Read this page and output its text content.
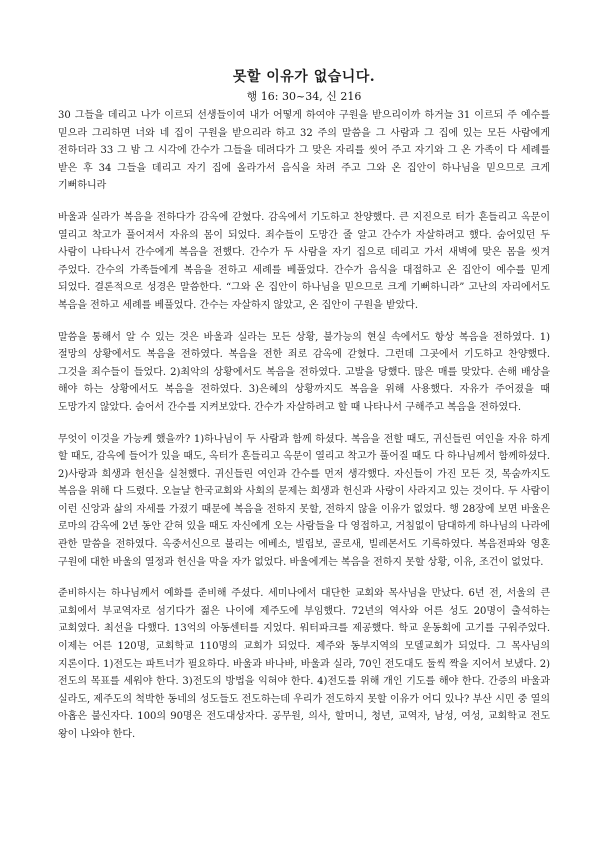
못할 이유가 없습니다.
행 16: 30~34, 신 216

30 그들을 데리고 나가 이르되 선생들이여 내가 어떻게 하여야 구원을 받으리이까 하거늘 31 이르되 주 예수를 믿으라 그리하면 너와 네 집이 구원을 받으리라 하고 32 주의 말씀을 그 사람과 그 집에 있는 모든 사람에게 전하더라 33 그 밤 그 시각에 간수가 그들을 데려다가 그 맞은 자리를 씻어 주고 자기와 그 온 가족이 다 세례를 받은 후 34 그들을 데리고 자기 집에 올라가서 음식을 차려 주고 그와 온 집안이 하나님을 믿으므로 크게 기뻐하니라

바울과 실라가 복음을 전하다가 감옥에 갇혔다. 감옥에서 기도하고 찬양했다. 큰 지진으로 터가 흔들리고 옥문이 열리고 착고가 풀어져서 자유의 몸이 되었다. 죄수들이 도망간 줄 알고 간수가 자살하려고 했다. 숨어있던 두 사람이 나타나서 간수에게 복음을 전했다. 간수가 두 사람을 자기 집으로 데리고 가서 새벽에 맞은 몸을 씻겨 주었다. 간수의 가족들에게 복음을 전하고 세례를 베풀었다. 간수가 음식을 대접하고 온 집안이 예수를 믿게 되었다. 결론적으로 성경은 말씀한다. “그와 온 집안이 하나님을 믿으므로 크게 기뻐하니라” 고난의 자리에서도 복음을 전하고 세례를 베풀었다. 간수는 자살하지 않았고, 온 집안이 구원을 받았다.

말씀을 통해서 알 수 있는 것은 바울과 실라는 모든 상황, 불가능의 현실 속에서도 항상 복음을 전하였다. 1)절망의 상황에서도 복음을 전하였다. 복음을 전한 죄로 감옥에 갇혔다. 그런데 그곳에서 기도하고 찬양했다. 그것을 죄수들이 들었다. 2)최악의 상황에서도 복음을 전하였다. 고발을 당했다. 많은 매를 맞았다. 손해 배상을 해야 하는 상황에서도 복음을 전하였다. 3)은혜의 상황까지도 복음을 위해 사용했다. 자유가 주어졌을 때 도망가지 않았다. 숨어서 간수를 지켜보았다. 간수가 자살하려고 할 때 나타나서 구해주고 복음을 전하였다.

무엇이 이것을 가능케 했을까? 1)하나님이 두 사람과 함께 하셨다. 복음을 전할 때도, 귀신들린 여인을 자유 하게 할 때도, 감옥에 들어가 있을 때도, 옥터가 흔들리고 옥문이 열리고 착고가 풀어질 때도 다 하나님께서 함께하셨다. 2)사랑과 희생과 헌신을 실천했다. 귀신들린 여인과 간수를 먼저 생각했다. 자신들이 가진 모든 것, 목숨까지도 복음을 위해 다 드렸다. 오늘날 한국교회와 사회의 문제는 희생과 헌신과 사랑이 사라지고 있는 것이다. 두 사람이 이런 신앙과 삶의 자세를 가졌기 때문에 복음을 전하지 못할, 전하지 않을 이유가 없었다. 행 28장에 보면 바울은 로마의 감옥에 2년 동안 갇혀 있을 때도 자신에게 오는 사람들을 다 영접하고, 거침없이 담대하게 하나님의 나라에 관한 말씀을 전하였다. 옥중서신으로 불리는 에베소, 빌립보, 골로새, 빌레몬서도 기록하였다. 복음전파와 영혼 구원에 대한 바울의 열정과 헌신을 막을 자가 없었다. 바울에게는 복음을 전하지 못할 상황, 이유, 조건이 없었다.

준비하시는 하나님께서 예화를 준비해 주셨다. 세미나에서 대단한 교회와 목사님을 만났다. 6년 전, 서울의 큰 교회에서 부교역자로 섬기다가 젊은 나이에 제주도에 부임했다. 72년의 역사와 어른 성도 20명이 출석하는 교회였다. 최선을 다했다. 13억의 아동센터를 지었다. 워터파크를 제공했다. 학교 운동회에 고기를 구워주었다. 이제는 어른 120명, 교회학교 110명의 교회가 되었다. 제주와 동부지역의 모델교회가 되었다. 그 목사님의 지론이다. 1)전도는 파트너가 필요하다. 바울과 바나바, 바울과 실라, 70인 전도대도 둘씩 짝을 지어서 보냈다. 2)전도의 목표를 세워야 한다. 3)전도의 방법을 익혀야 한다. 4)전도를 위해 개인 기도를 해야 한다. 간증의 바울과 실라도, 제주도의 척박한 동네의 성도들도 전도하는데 우리가 전도하지 못할 이유가 어디 있나? 부산 시민 중 열의 아홉은 불신자다. 100의 90명은 전도대상자다. 공무원, 의사, 할머니, 청년, 교역자, 남성, 여성, 교회학교 전도 왕이 나와야 한다.
